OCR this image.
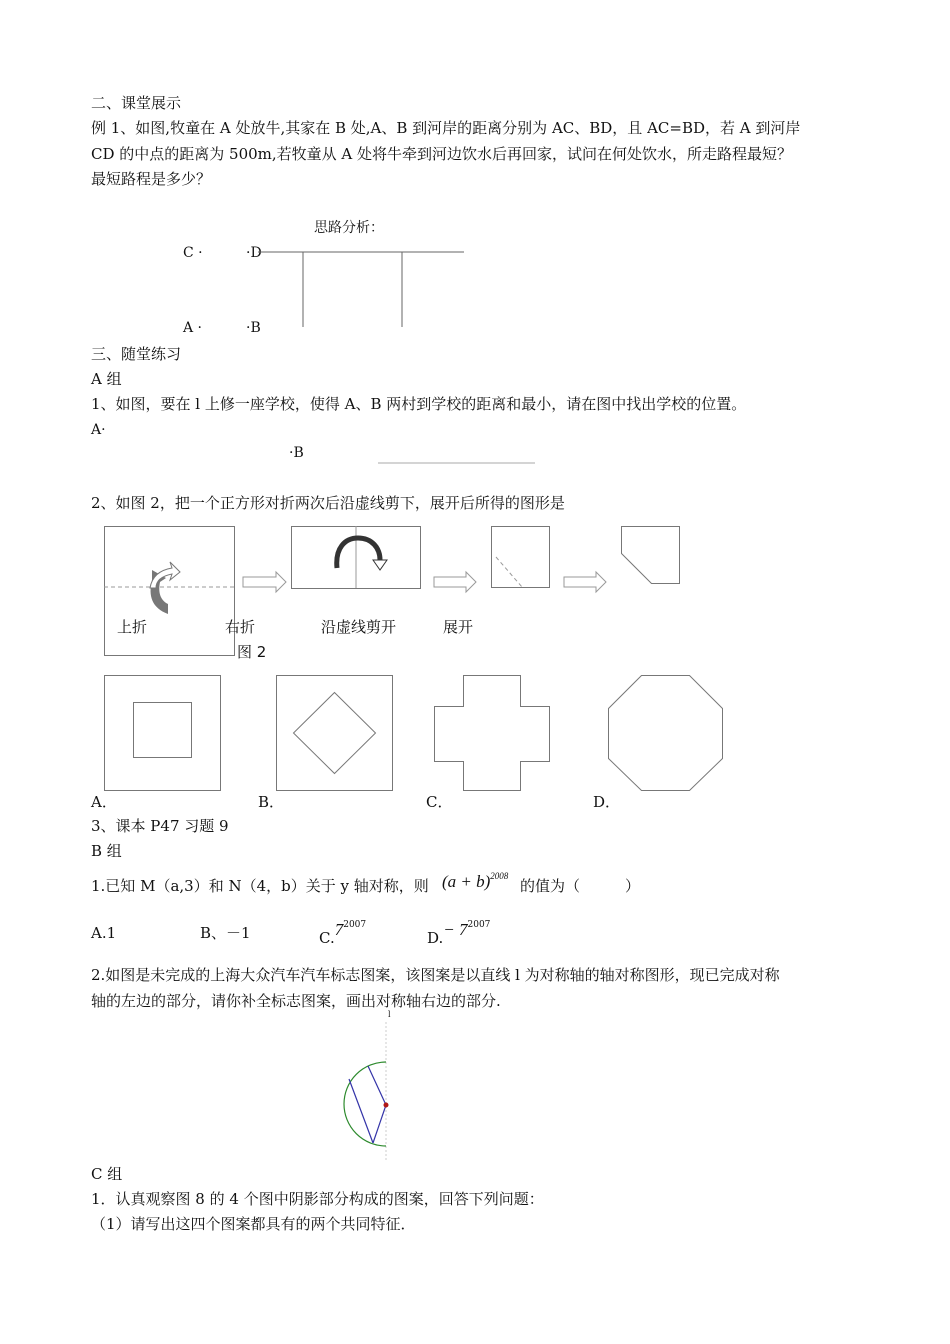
二、课堂展示
例 1、如图,牧童在 A 处放牛,其家在 B 处,A、B 到河岸的距离分别为 AC、BD，且 AC=BD，若 A 到河岸
CD 的中点的距离为 500m,若牧童从 A 处将牛牵到河边饮水后再回家，试问在何处饮水，所走路程最短？
最短路程是多少？
思路分析：
C ·	·D
A ·	·B
三、随堂练习
A 组
1、如图，要在 l 上修一座学校，使得 A、B 两村到学校的距离和最小，请在图中找出学校的位置。
A·
·B
2、如图 2，把一个正方形对折两次后沿虚线剪下，展开后所得的图形是
上折	右折	沿虚线剪开	展开
图 2
A．	B．	C．	D．
3、课本 P47 习题 9
B 组
1.已知 M（a,3）和 N（4，b）关于 y 轴对称，则 $(a + b)^{2008}$
的值为（　　　）
A.1	B、－1	$C.7^{2007}$
$D.- 7^{2007}$
2.如图是未完成的上海大众汽车汽车标志图案，该图案是以直线 l 为对称轴的轴对称图形，现已完成对称
轴的左边的部分，请你补全标志图案，画出对称轴右边的部分.
l
C 组
1．认真观察图 8 的 4 个图中阴影部分构成的图案，回答下列问题：
（1）请写出这四个图案都具有的两个共同特征．
